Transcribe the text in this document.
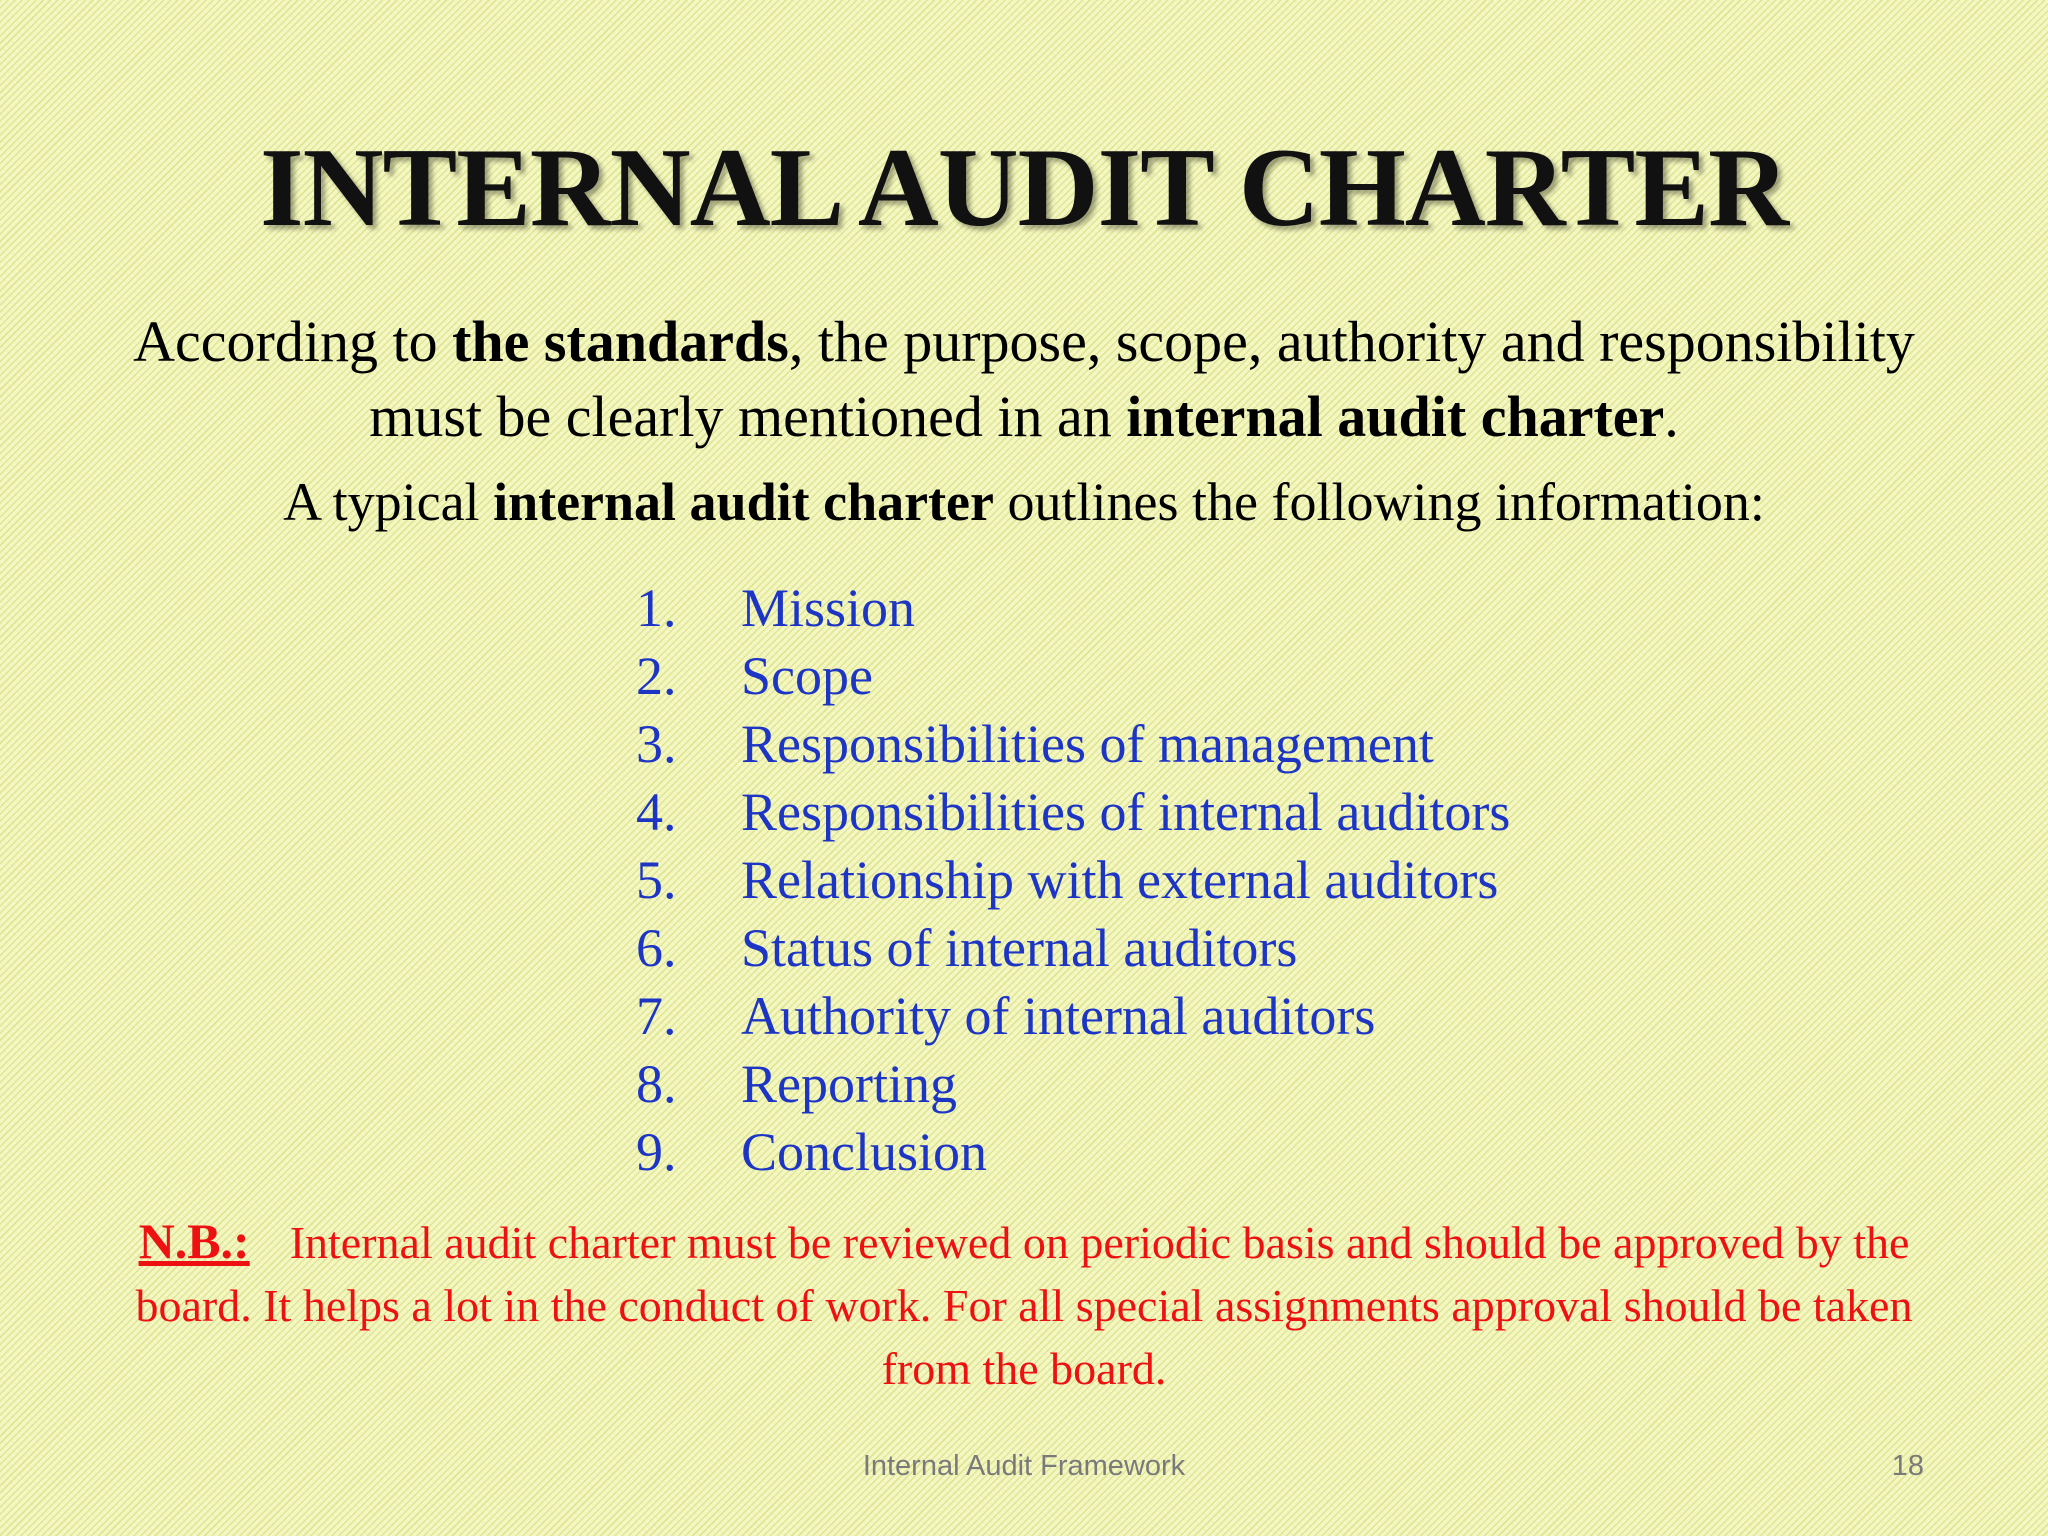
INTERNAL AUDIT CHARTER
According to the standards, the purpose, scope, authority and responsibility must be clearly mentioned in an internal audit charter.
A typical internal audit charter outlines the following information:
1. Mission
2. Scope
3. Responsibilities of management
4. Responsibilities of internal auditors
5. Relationship with external auditors
6. Status of internal auditors
7. Authority of internal auditors
8. Reporting
9. Conclusion
N.B.: Internal audit charter must be reviewed on periodic basis and should be approved by the board. It helps a lot in the conduct of work. For all special assignments approval should be taken from the board.
Internal Audit Framework	18
